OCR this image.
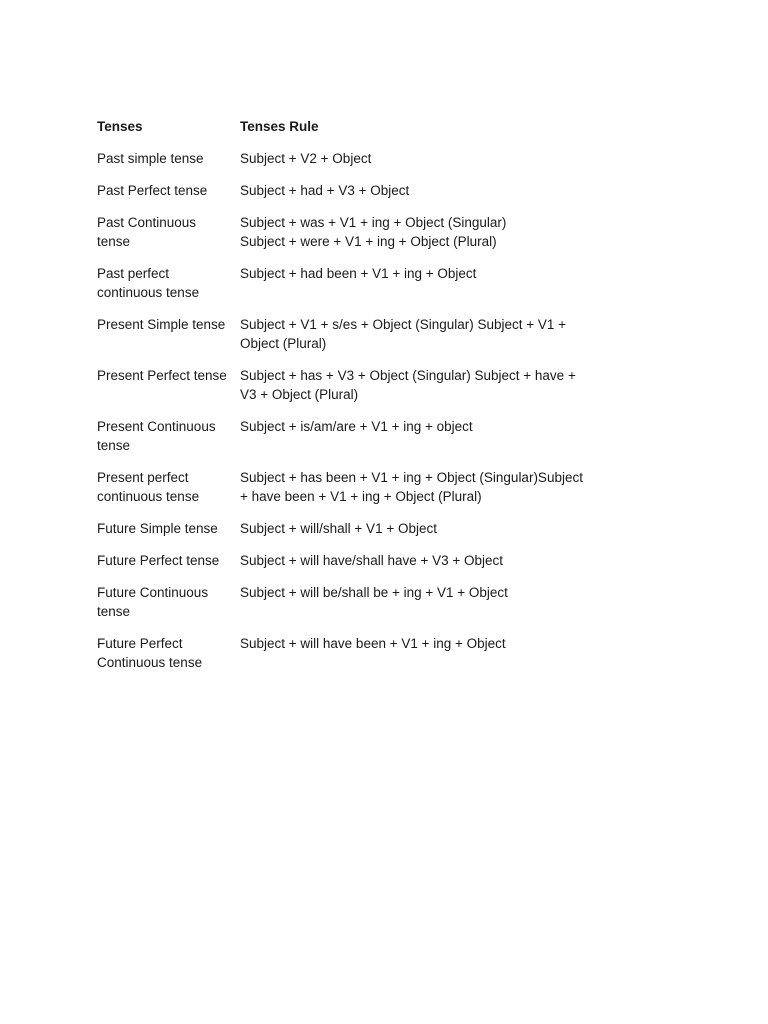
Tenses	Tenses Rule
Past simple tense	Subject + V2 + Object
Past Perfect tense	Subject + had + V3 + Object
Past Continuous tense	Subject + was + V1 + ing + Object (Singular)
Subject + were + V1 + ing + Object (Plural)
Past perfect continuous tense	Subject + had been + V1 + ing + Object
Present Simple tense	Subject + V1 + s/es + Object (Singular) Subject + V1 + Object (Plural)
Present Perfect tense	Subject + has + V3 + Object (Singular) Subject + have + V3 + Object (Plural)
Present Continuous tense	Subject + is/am/are + V1 + ing + object
Present perfect continuous tense	Subject + has been + V1 + ing + Object (Singular)Subject + have been + V1 + ing + Object (Plural)
Future Simple tense	Subject + will/shall + V1 + Object
Future Perfect tense	Subject + will have/shall have + V3 + Object
Future Continuous tense	Subject + will be/shall be + ing + V1 + Object
Future Perfect Continuous tense	Subject + will have been + V1 + ing + Object
